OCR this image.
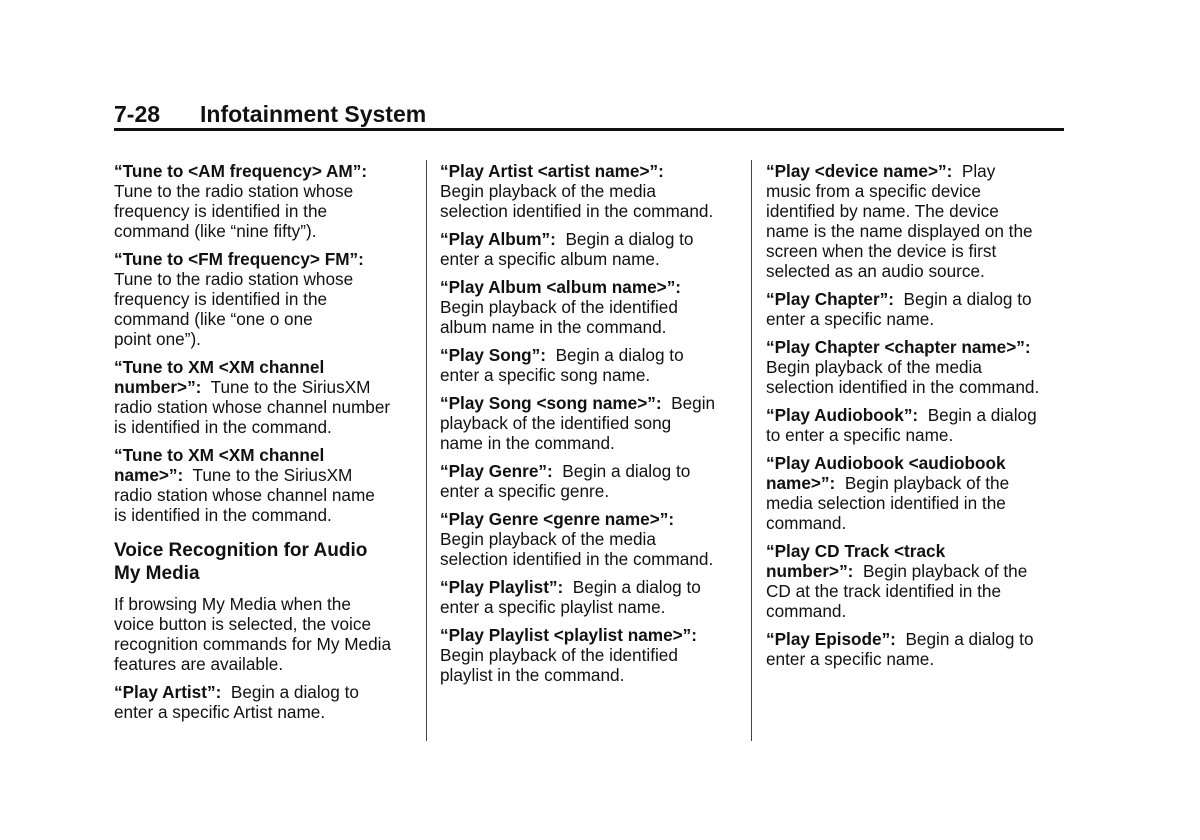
7-28 Infotainment System
“Tune to <AM frequency> AM”:
Tune to the radio station whose
frequency is identified in the
command (like “nine fifty”).
“Tune to <FM frequency> FM”:
Tune to the radio station whose
frequency is identified in the
command (like “one o one
point one”).
“Tune to XM <XM channel
number>”: Tune to the SiriusXM
radio station whose channel number
is identified in the command.
“Tune to XM <XM channel
name>”: Tune to the SiriusXM
radio station whose channel name
is identified in the command.
Voice Recognition for Audio
My Media
If browsing My Media when the
voice button is selected, the voice
recognition commands for My Media
features are available.
“Play Artist”: Begin a dialog to
enter a specific Artist name.
“Play Artist <artist name>”:
Begin playback of the media
selection identified in the command.
“Play Album”: Begin a dialog to
enter a specific album name.
“Play Album <album name>”:
Begin playback of the identified
album name in the command.
“Play Song”: Begin a dialog to
enter a specific song name.
“Play Song <song name>”: Begin
playback of the identified song
name in the command.
“Play Genre”: Begin a dialog to
enter a specific genre.
“Play Genre <genre name>”:
Begin playback of the media
selection identified in the command.
“Play Playlist”: Begin a dialog to
enter a specific playlist name.
“Play Playlist <playlist name>”:
Begin playback of the identified
playlist in the command.
“Play <device name>”: Play
music from a specific device
identified by name. The device
name is the name displayed on the
screen when the device is first
selected as an audio source.
“Play Chapter”: Begin a dialog to
enter a specific name.
“Play Chapter <chapter name>”:
Begin playback of the media
selection identified in the command.
“Play Audiobook”: Begin a dialog
to enter a specific name.
“Play Audiobook <audiobook
name>”: Begin playback of the
media selection identified in the
command.
“Play CD Track <track
number>”: Begin playback of the
CD at the track identified in the
command.
“Play Episode”: Begin a dialog to
enter a specific name.
